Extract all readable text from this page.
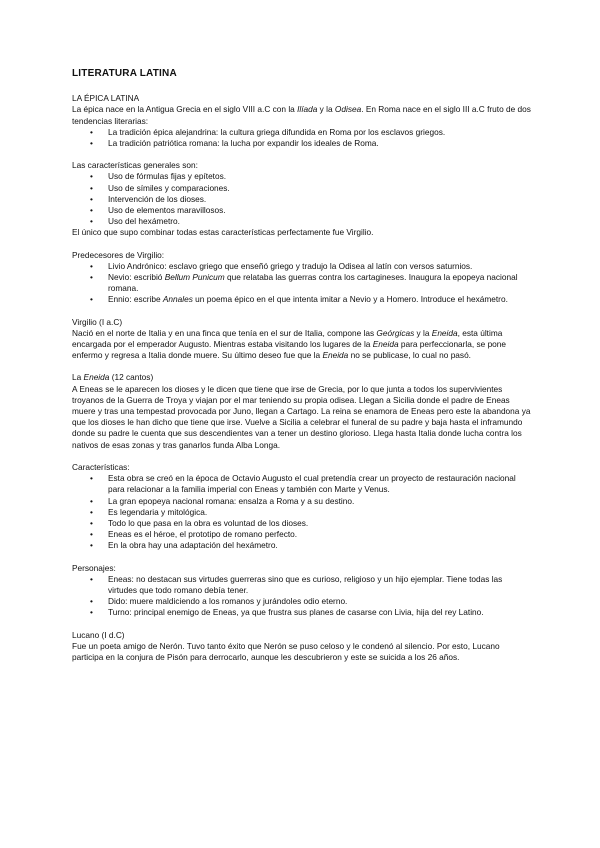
LITERATURA LATINA

LA ÉPICA LATINA

La épica nace en la Antigua Grecia en el siglo VIII a.C con la Ilíada y la Odisea. En Roma nace en el siglo III a.C fruto de dos tendencias literarias:

• La tradición épica alejandrina: la cultura griega difundida en Roma por los esclavos griegos.
• La tradición patriótica romana: la lucha por expandir los ideales de Roma.

Las características generales son:

• Uso de fórmulas fijas y epítetos.
• Uso de símiles y comparaciones.
• Intervención de los dioses.
• Uso de elementos maravillosos.
• Uso del hexámetro.

El único que supo combinar todas estas características perfectamente fue Virgilio.

Predecesores de Virgilio:

• Livio Andrónico: esclavo griego que enseñó griego y tradujo la Odisea al latín con versos saturnios.
• Nevio: escribió Bellum Punicum que relataba las guerras contra los cartagineses. Inaugura la epopeya nacional romana.
• Ennio: escribe Annales un poema épico en el que intenta imitar a Nevio y a Homero. Introduce el hexámetro.

Virgilio (I a.C)

Nació en el norte de Italia y en una finca que tenía en el sur de Italia, compone las Geórgicas y la Eneida, esta última encargada por el emperador Augusto. Mientras estaba visitando los lugares de la Eneida para perfeccionarla, se pone enfermo y regresa a Italia donde muere. Su último deseo fue que la Eneida no se publicase, lo cual no pasó.

La Eneida (12 cantos)

A Eneas se le aparecen los dioses y le dicen que tiene que irse de Grecia, por lo que junta a todos los supervivientes troyanos de la Guerra de Troya y viajan por el mar teniendo su propia odisea. Llegan a Sicilia donde el padre de Eneas muere y tras una tempestad provocada por Juno, llegan a Cartago. La reina se enamora de Eneas pero este la abandona ya que los dioses le han dicho que tiene que irse. Vuelve a Sicilia a celebrar el funeral de su padre y baja hasta el inframundo donde su padre le cuenta que sus descendientes van a tener un destino glorioso. Llega hasta Italia donde lucha contra los nativos de esas zonas y tras ganarlos funda Alba Longa.

Características:

• Esta obra se creó en la época de Octavio Augusto el cual pretendía crear un proyecto de restauración nacional para relacionar a la familia imperial con Eneas y también con Marte y Venus.
• La gran epopeya nacional romana: ensalza a Roma y a su destino.
• Es legendaria y mitológica.
• Todo lo que pasa en la obra es voluntad de los dioses.
• Eneas es el héroe, el prototipo de romano perfecto.
• En la obra hay una adaptación del hexámetro.

Personajes:

• Eneas: no destacan sus virtudes guerreras sino que es curioso, religioso y un hijo ejemplar. Tiene todas las virtudes que todo romano debía tener.
• Dido: muere maldiciendo a los romanos y jurándoles odio eterno.
• Turno: principal enemigo de Eneas, ya que frustra sus planes de casarse con Livia, hija del rey Latino.

Lucano (I d.C)

Fue un poeta amigo de Nerón. Tuvo tanto éxito que Nerón se puso celoso y le condenó al silencio. Por esto, Lucano participa en la conjura de Pisón para derrocarlo, aunque les descubrieron y este se suicida a los 26 años.
